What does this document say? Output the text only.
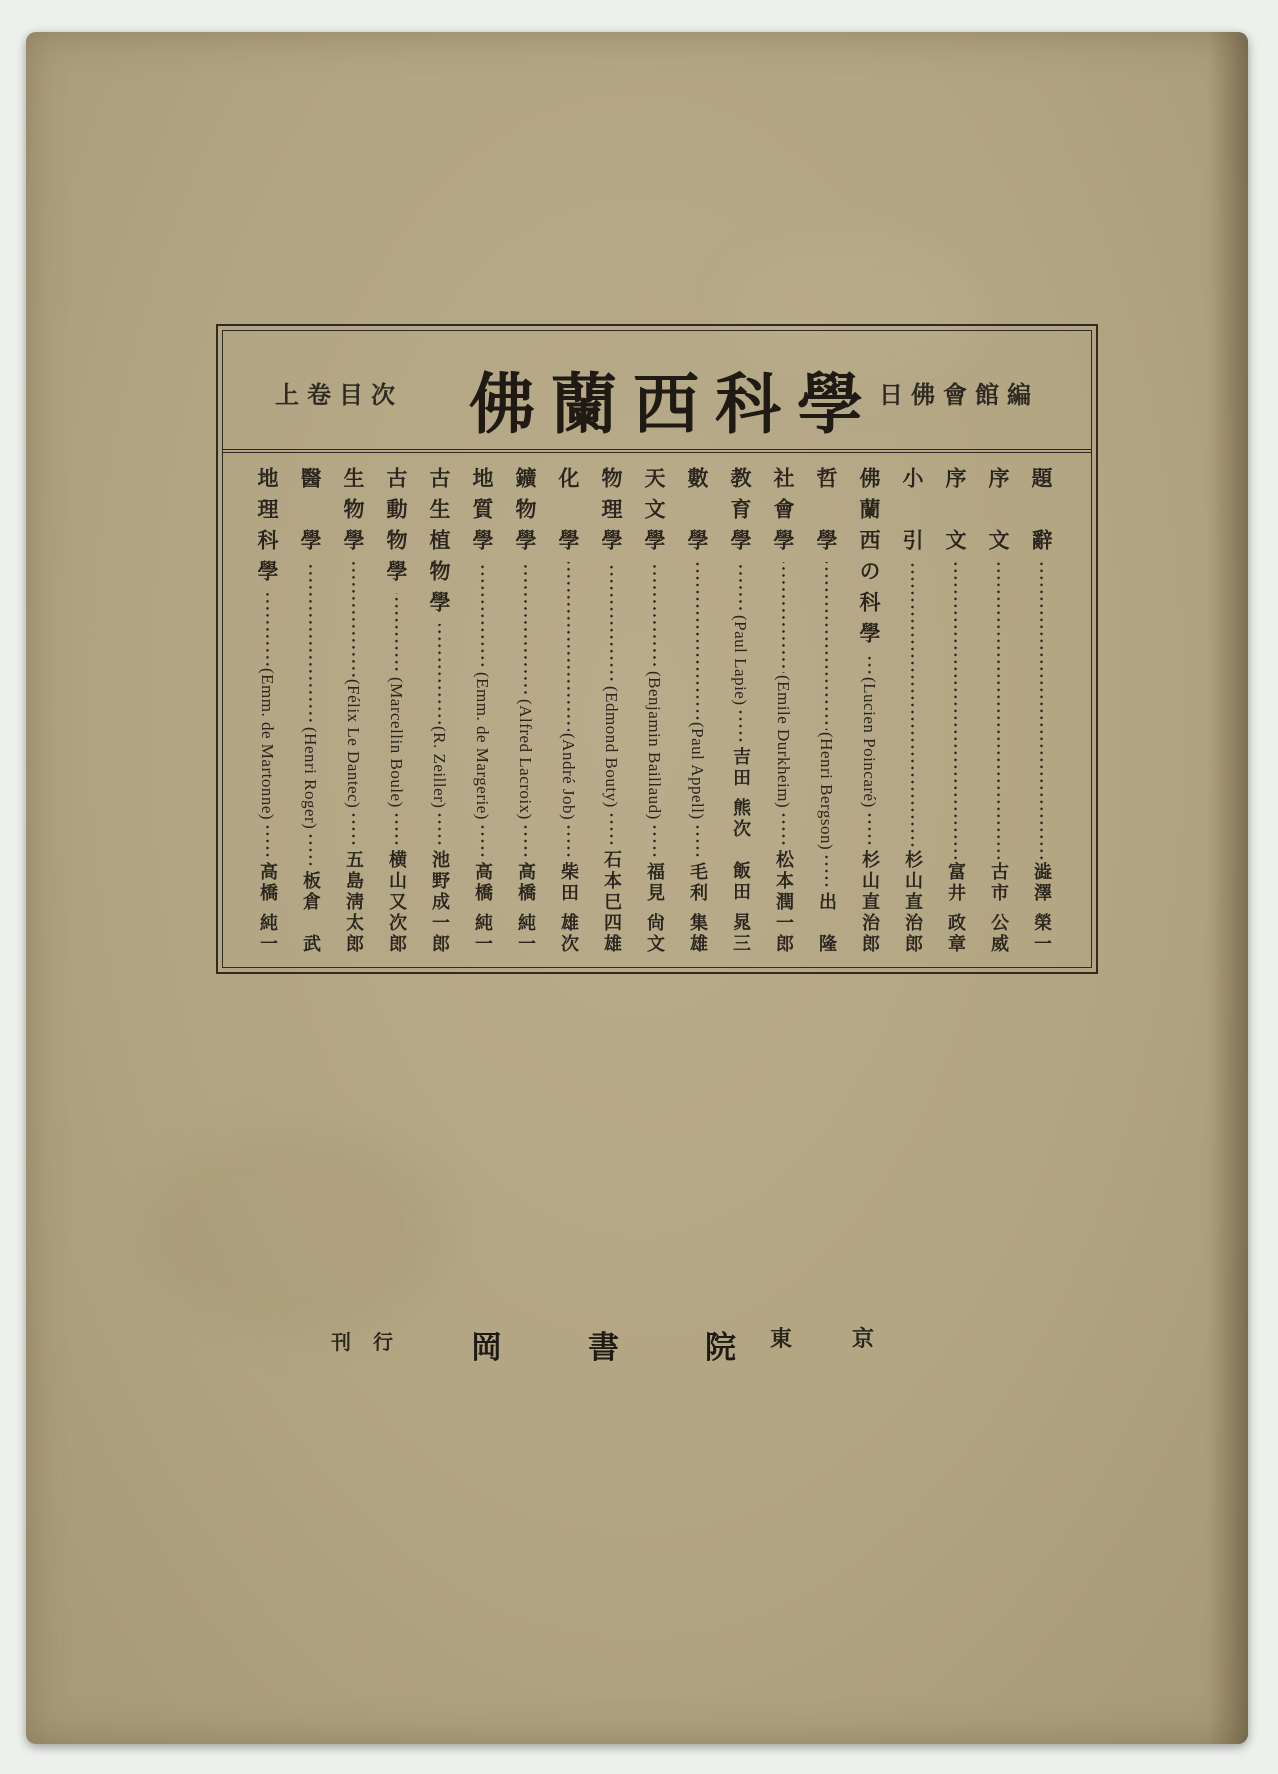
上卷目次 佛蘭西科學 日佛會館編
題　辭
澁澤 榮一
序　文
古市 公威
序　文
富井 政章
小　引
杉山直治郎
佛蘭西の科學
(Lucien Poincaré)
杉山直治郎
哲　學
(Henri Bergson)
出　隆
社會學
(Emile Durkheim)
松本潤一郎
教育學
(Paul Lapie)
吉田 熊次　飯田 晁三
數　學
(Paul Appell)
毛利 集雄
天文學
(Benjamin Baillaud)
福見 尙文
物理學
(Edmond Bouty)
石本巳四雄
化　學
(André Job)
柴田 雄次
鑛物學
(Alfred Lacroix)
高橋 純一
地質學
(Emm. de Margerie)
高橋 純一
古生植物學
(R. Zeiller)
池野成一郎
古動物學
(Marcellin Boule)
横山又次郎
生物學
(Félix Le Dantec)
五島淸太郎
醫　學
(Henri Roger)
板倉　武
地理科學
(Emm. de Martonne)
高橋 純一
東京
岡書院
刊行
